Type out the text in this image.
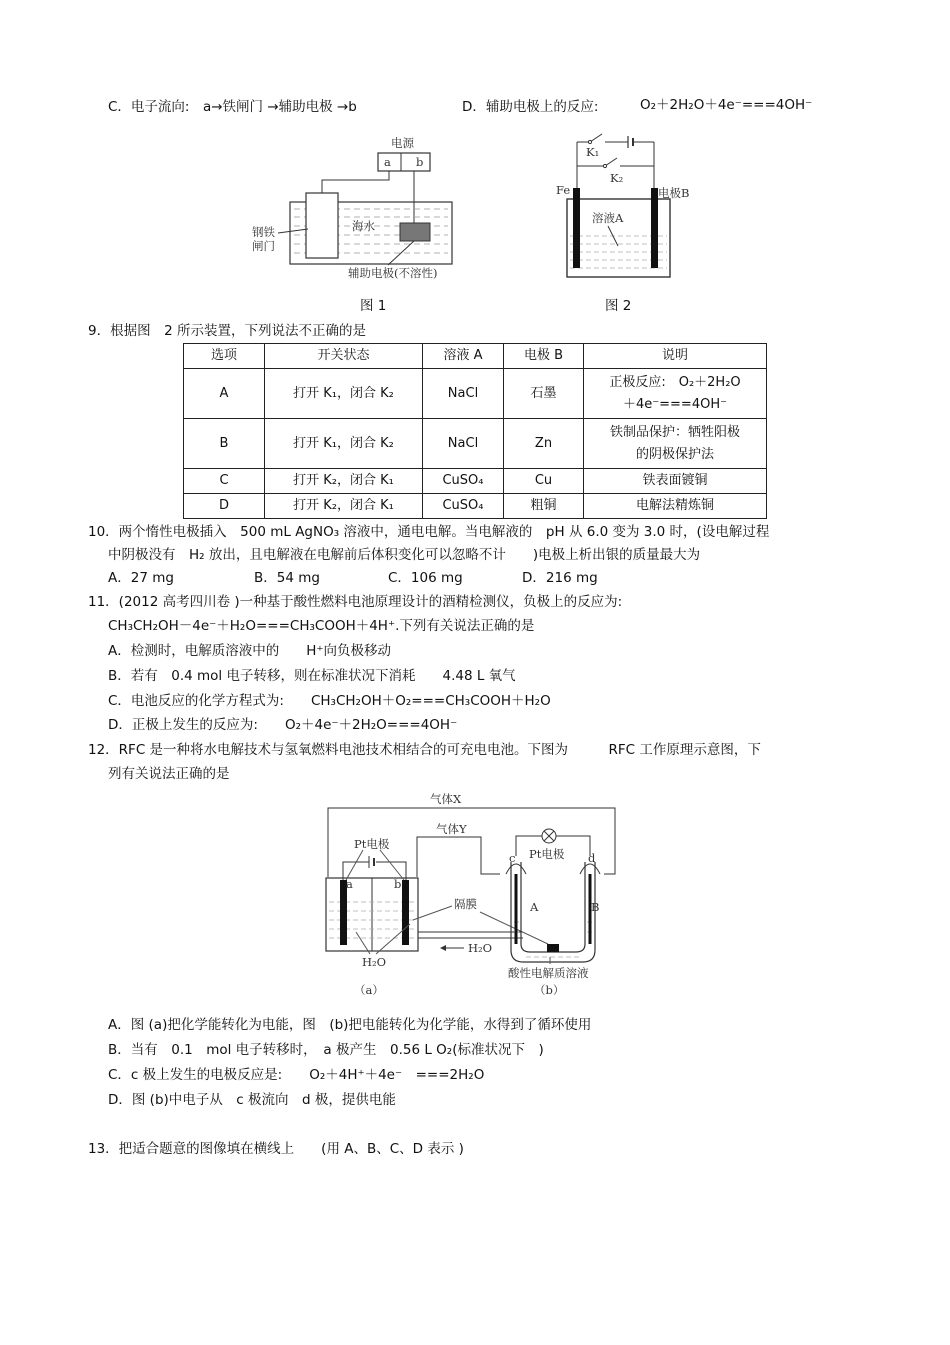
C．电子流向:　a→铁闸门 →辅助电极 →b	D．辅助电极上的反应:	O₂＋2H₂O＋4e⁻===4OH⁻
电源
a b
海水
钢铁
闸门
辅助电极(不溶性)
图 1
K₁
K₂
Fe	电极B
溶液A
图 2
9．根据图　2 所示装置，下列说法不正确的是
选项	开关状态	溶液 A	电极 B	说明
A	打开 K₁，闭合 K₂	NaCl	石墨	正极反应:　O₂＋2H₂O
＋4e⁻===4OH⁻

B	打开 K₁，闭合 K₂	NaCl	Zn	铁制品保护：牺牲阳极
的阴极保护法

C	打开 K₂，闭合 K₁	CuSO₄	Cu	铁表面镀铜
D	打开 K₂，闭合 K₁	CuSO₄	粗铜	电解法精炼铜
10．两个惰性电极插入　500 mL AgNO₃ 溶液中，通电电解。当电解液的　pH 从 6.0 变为 3.0 时，(设电解过程
中阴极没有　H₂ 放出，且电解液在电解前后体积变化可以忽略不计　　)电极上析出银的质量最大为
A．27 mg	B．54 mg	C．106 mg	D．216 mg
11．(2012 高考四川卷 )一种基于酸性燃料电池原理设计的酒精检测仪，负极上的反应为:
CH₃CH₂OH－4e⁻＋H₂O===CH₃COOH＋4H⁺.下列有关说法正确的是
A．检测时，电解质溶液中的　　H⁺向负极移动
B．若有　0.4 mol 电子转移，则在标准状况下消耗　　4.48 L 氧气
C．电池反应的化学方程式为:　　CH₃CH₂OH＋O₂===CH₃COOH＋H₂O
D．正极上发生的反应为:　　O₂＋4e⁻＋2H₂O===4OH⁻
12．RFC 是一种将水电解技术与氢氧燃料电池技术相结合的可充电电池。下图为　　　RFC 工作原理示意图，下
列有关说法正确的是
气体X
气体Y
Pt电极
a	b
H₂O
H₂O
隔膜
Pt电极
c	d
A	B
酸性电解质溶液
（a）	（b）
A．图 (a)把化学能转化为电能，图　(b)把电能转化为化学能，水得到了循环使用
B．当有　0.1　mol 电子转移时，　a 极产生　0.56 L O₂(标准状况下　)
C．c 极上发生的电极反应是:　　O₂＋4H⁺＋4e⁻　===2H₂O
D．图 (b)中电子从　c 极流向　d 极，提供电能
13．把适合题意的图像填在横线上　　(用 A、B、C、D 表示 )
